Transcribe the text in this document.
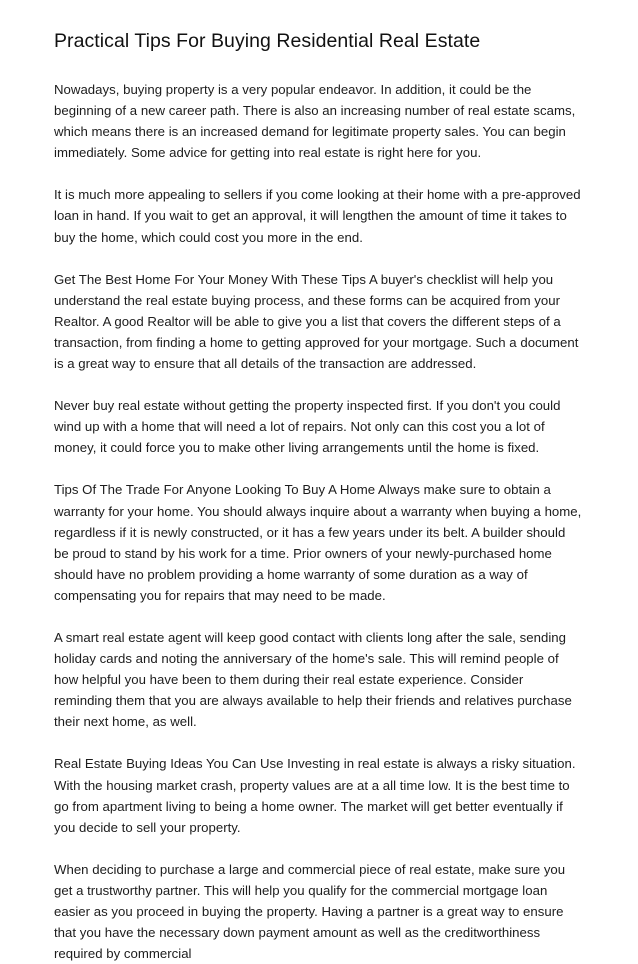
Practical Tips For Buying Residential Real Estate

Nowadays, buying property is a very popular endeavor. In addition, it could be the beginning of a new career path. There is also an increasing number of real estate scams, which means there is an increased demand for legitimate property sales. You can begin immediately. Some advice for getting into real estate is right here for you.

It is much more appealing to sellers if you come looking at their home with a pre-approved loan in hand. If you wait to get an approval, it will lengthen the amount of time it takes to buy the home, which could cost you more in the end.

Get The Best Home For Your Money With These Tips A buyer's checklist will help you understand the real estate buying process, and these forms can be acquired from your Realtor. A good Realtor will be able to give you a list that covers the different steps of a transaction, from finding a home to getting approved for your mortgage. Such a document is a great way to ensure that all details of the transaction are addressed.

Never buy real estate without getting the property inspected first. If you don't you could wind up with a home that will need a lot of repairs. Not only can this cost you a lot of money, it could force you to make other living arrangements until the home is fixed.

Tips Of The Trade For Anyone Looking To Buy A Home Always make sure to obtain a warranty for your home. You should always inquire about a warranty when buying a home, regardless if it is newly constructed, or it has a few years under its belt. A builder should be proud to stand by his work for a time. Prior owners of your newly-purchased home should have no problem providing a home warranty of some duration as a way of compensating you for repairs that may need to be made.

A smart real estate agent will keep good contact with clients long after the sale, sending holiday cards and noting the anniversary of the home's sale. This will remind people of how helpful you have been to them during their real estate experience. Consider reminding them that you are always available to help their friends and relatives purchase their next home, as well.

Real Estate Buying Ideas You Can Use Investing in real estate is always a risky situation. With the housing market crash, property values are at a all time low. It is the best time to go from apartment living to being a home owner. The market will get better eventually if you decide to sell your property.

When deciding to purchase a large and commercial piece of real estate, make sure you get a trustworthy partner. This will help you qualify for the commercial mortgage loan easier as you proceed in buying the property. Having a partner is a great way to ensure that you have the necessary down payment amount as well as the creditworthiness required by commercial
